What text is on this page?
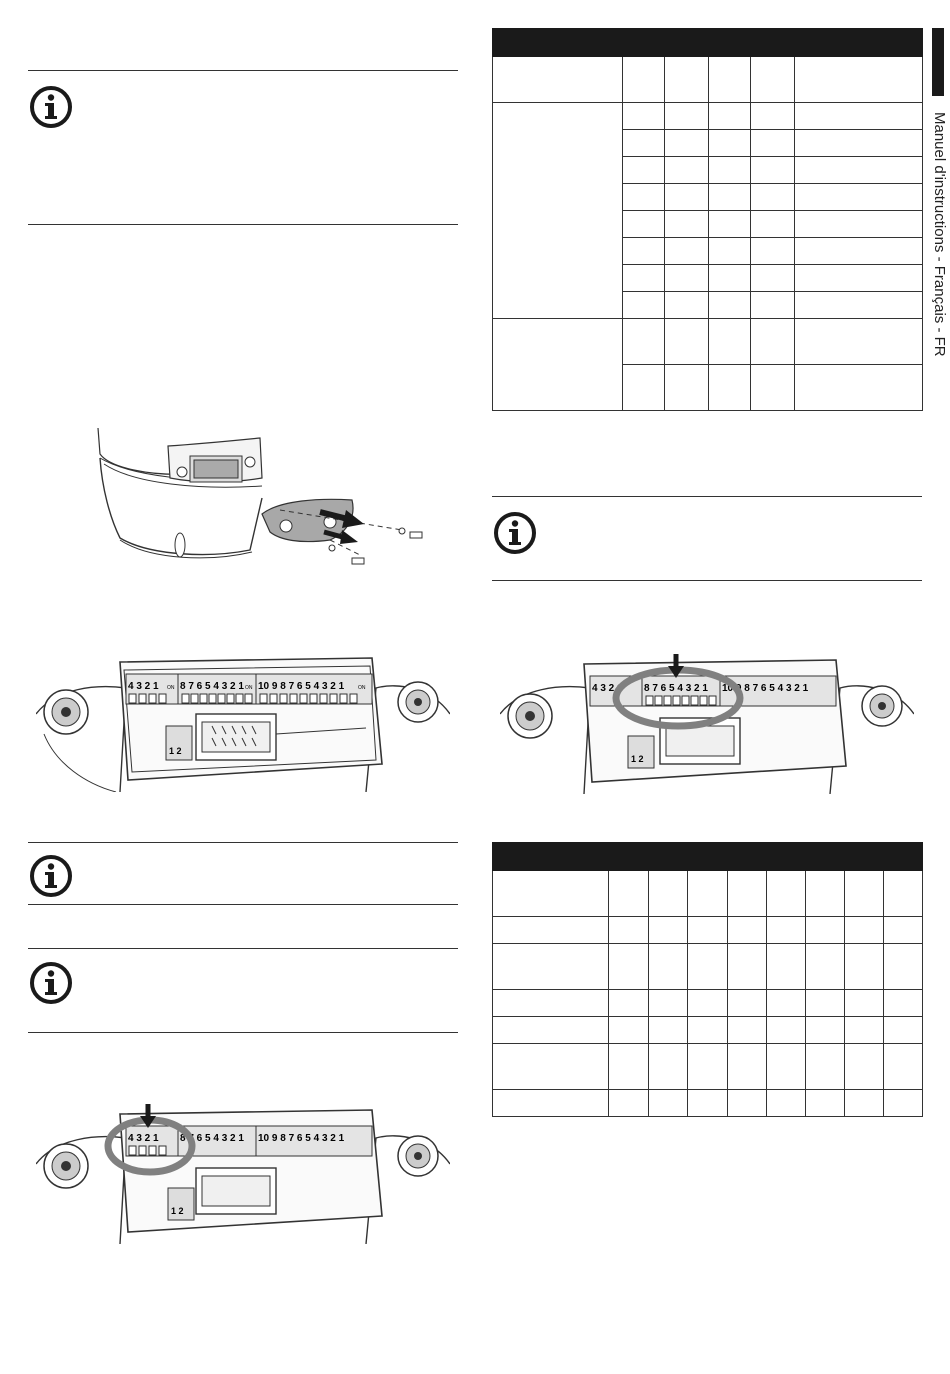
Manuel d'instructions - Français - FR
4 3 2 1 ON 8 7 6 5 4 3 2 1 ON 10 9 8 7 6 5 4 3 2 1	ON
1 2
4 3 2 1 8 7 6 5 4 3 2 1 10 9 8 7 6 5 4 3 2 1
1 2

4 3 2 1 8 7 6 5 4 3 2 1 10 9 8 7 6 5 4 3 2 1
1 2
